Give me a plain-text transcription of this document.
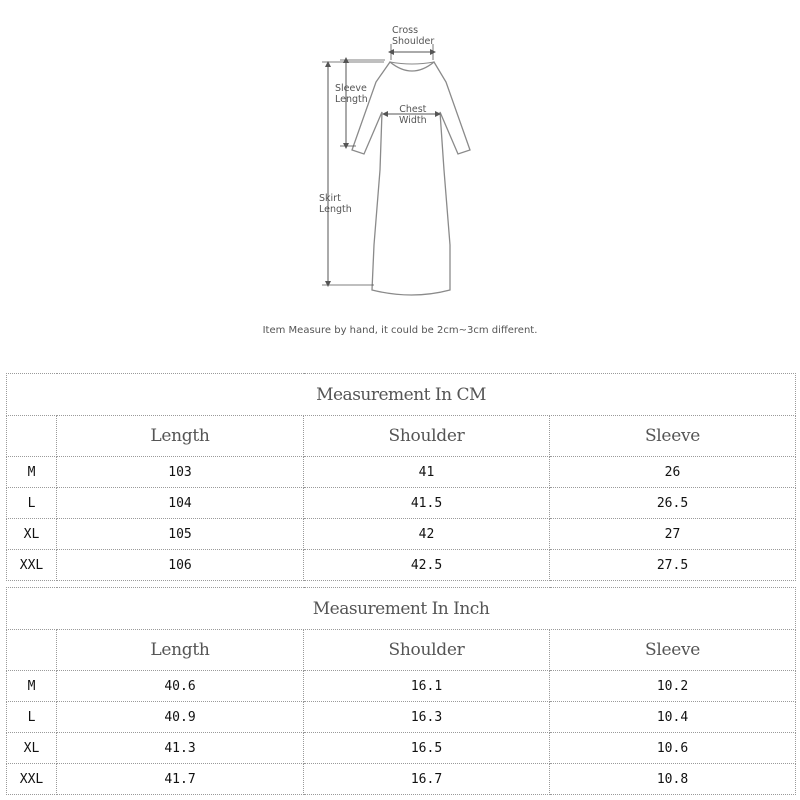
Cross
Shoulder
Sleeve
Length
Chest
Width
Skirt
Length
Item Measure by hand, it could be 2cm~3cm different.
Measurement In CM			
	Length	Shoulder	Sleeve
M	103	41	26
L	104	41.5	26.5
XL	105	42	27
XXL	106	42.5	27.5
Measurement In Inch			
	Length	Shoulder	Sleeve
M	40.6	16.1	10.2
L	40.9	16.3	10.4
XL	41.3	16.5	10.6
XXL	41.7	16.7	10.8
